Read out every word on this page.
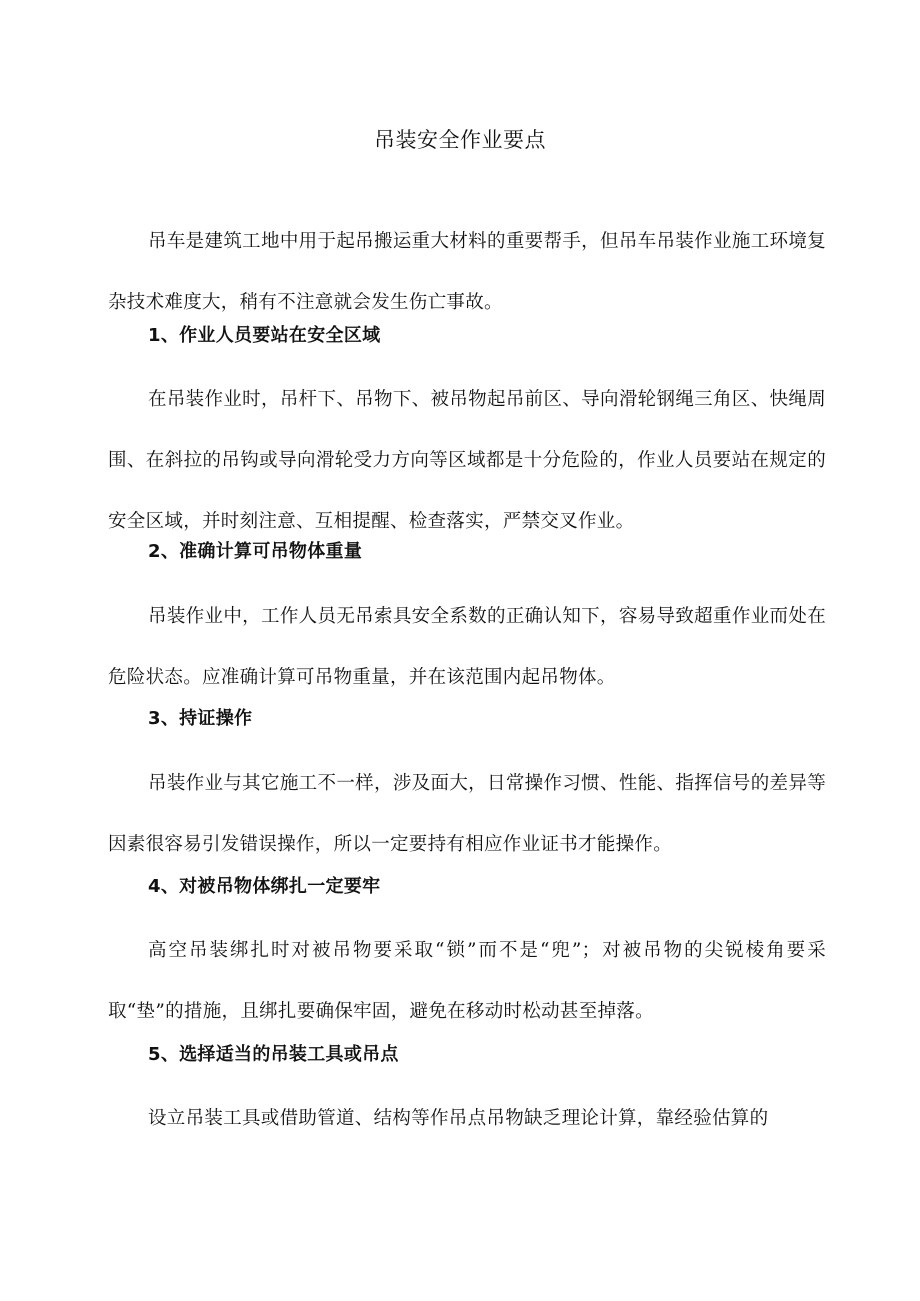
吊装安全作业要点

吊车是建筑工地中用于起吊搬运重大材料的重要帮手，但吊车吊装作业施工环境复杂技术难度大，稍有不注意就会发生伤亡事故。

1、作业人员要站在安全区域

在吊装作业时，吊杆下、吊物下、被吊物起吊前区、导向滑轮钢绳三角区、快绳周围、在斜拉的吊钩或导向滑轮受力方向等区域都是十分危险的，作业人员要站在规定的安全区域，并时刻注意、互相提醒、检查落实，严禁交叉作业。

2、准确计算可吊物体重量

吊装作业中，工作人员无吊索具安全系数的正确认知下，容易导致超重作业而处在危险状态。应准确计算可吊物重量，并在该范围内起吊物体。

3、持证操作

吊装作业与其它施工不一样，涉及面大，日常操作习惯、性能、指挥信号的差异等因素很容易引发错误操作，所以一定要持有相应作业证书才能操作。

4、对被吊物体绑扎一定要牢

高空吊装绑扎时对被吊物要采取“锁”而不是“兜”；对被吊物的尖锐棱角要采取“垫”的措施，且绑扎要确保牢固，避免在移动时松动甚至掉落。

5、选择适当的吊装工具或吊点

设立吊装工具或借助管道、结构等作吊点吊物缺乏理论计算，靠经验估算的
